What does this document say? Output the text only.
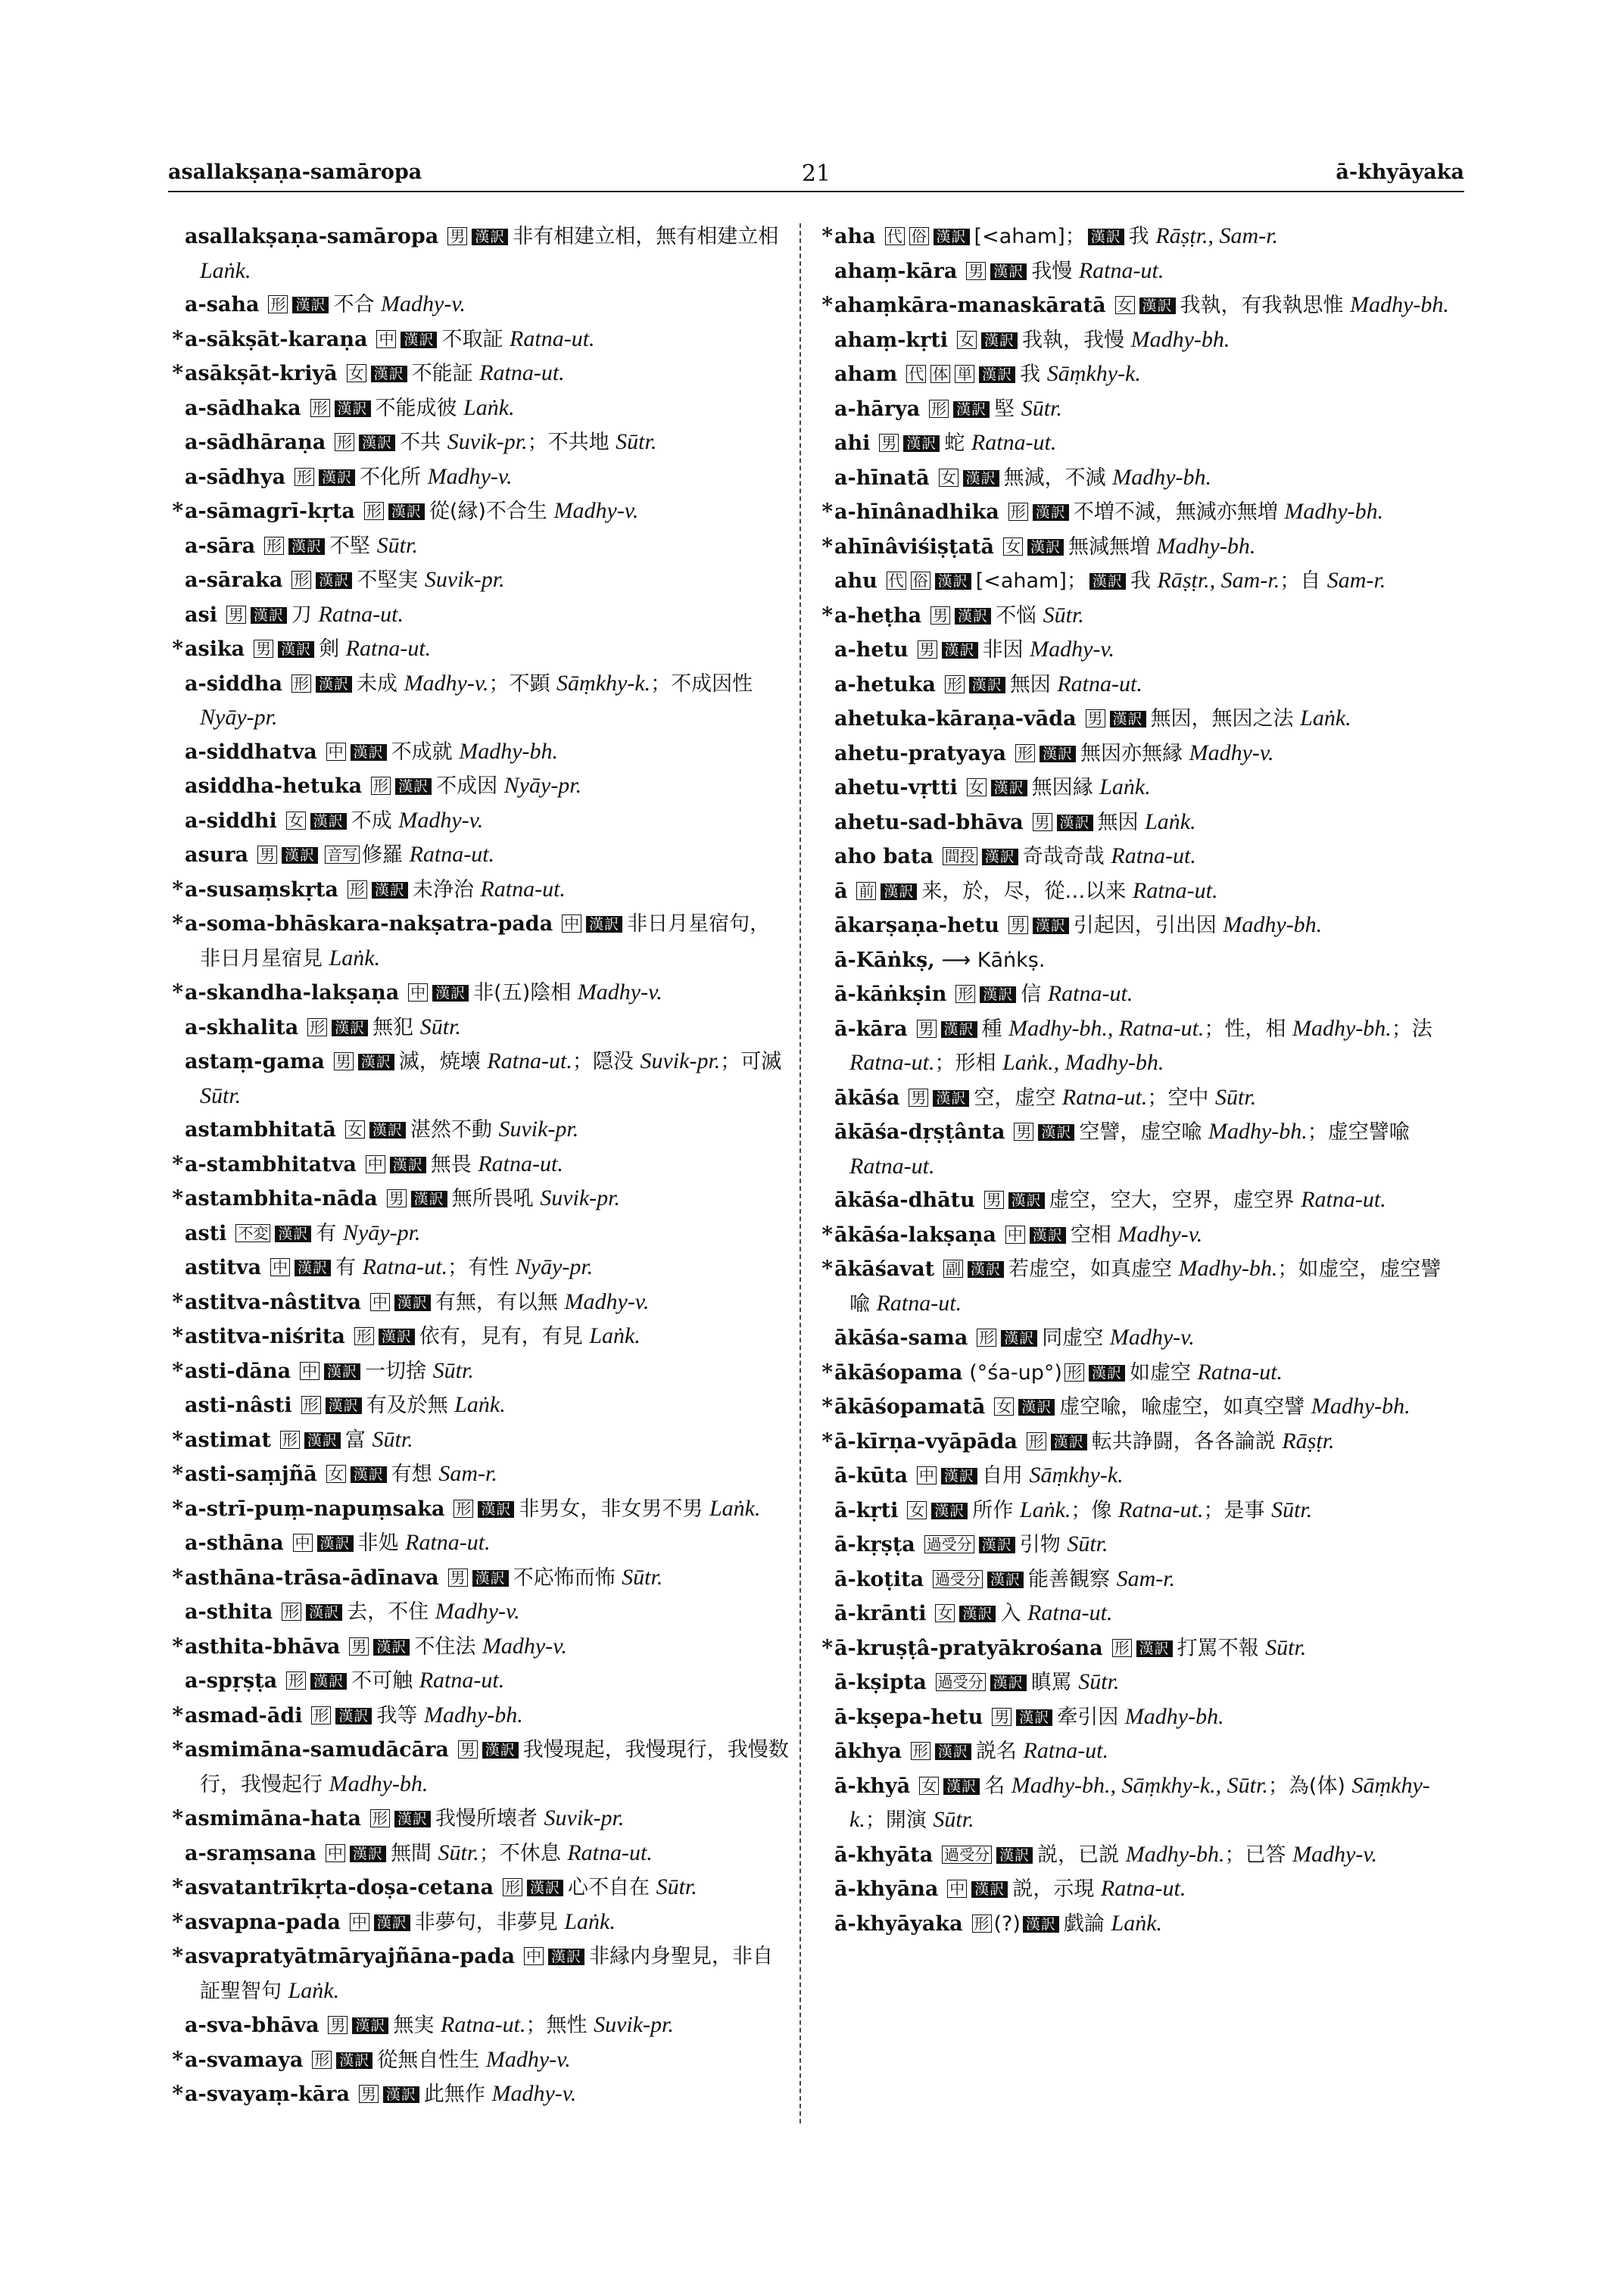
asallakṣaṇa-samāropa	21	ā-khyāyaka

asallakṣaṇa-samāropa 男 漢訳 非有相建立相，無有相建立相 Laṅk.

a-saha 形 漢訳 不合 Madhy-v.

*a-sākṣāt-karaṇa 中 漢訳 不取証 Ratna-ut.

*asākṣāt-kriyā 女 漢訳 不能証 Ratna-ut.

a-sādhaka 形 漢訳 不能成彼 Laṅk.

a-sādhāraṇa 形 漢訳 不共 Suvik-pr.；不共地 Sūtr.

a-sādhya 形 漢訳 不化所 Madhy-v.

*a-sāmagrī-kṛta 形 漢訳 從(縁)不合生 Madhy-v.

a-sāra 形 漢訳 不堅 Sūtr.

a-sāraka 形 漢訳 不堅実 Suvik-pr.

asi 男 漢訳 刀 Ratna-ut.

*asika 男 漢訳 剣 Ratna-ut.

a-siddha 形 漢訳 未成 Madhy-v.；不顕 Sāṃkhy-k.；不成因性 Nyāy-pr.

a-siddhatva 中 漢訳 不成就 Madhy-bh.

asiddha-hetuka 形 漢訳 不成因 Nyāy-pr.

a-siddhi 女 漢訳 不成 Madhy-v.

asura 男 漢訳 音写 修羅 Ratna-ut.

*a-susaṃskṛta 形 漢訳 未浄治 Ratna-ut.

*a-soma-bhāskara-nakṣatra-pada 中 漢訳 非日月星宿句，非日月星宿見 Laṅk.

*a-skandha-lakṣaṇa 中 漢訳 非(五)陰相 Madhy-v.

a-skhalita 形 漢訳 無犯 Sūtr.

astaṃ-gama 男 漢訳 滅，焼壊 Ratna-ut.；隠没 Suvik-pr.；可滅 Sūtr.

astambhitatā 女 漢訳 湛然不動 Suvik-pr.

*a-stambhitatva 中 漢訳 無畏 Ratna-ut.

*astambhita-nāda 男 漢訳 無所畏吼 Suvik-pr.

asti 不変 漢訳 有 Nyāy-pr.

astitva 中 漢訳 有 Ratna-ut.；有性 Nyāy-pr.

*astitva-nâstitva 中 漢訳 有無，有以無 Madhy-v.

*astitva-niśrita 形 漢訳 依有，見有，有見 Laṅk.

*asti-dāna 中 漢訳 一切捨 Sūtr.

asti-nâsti 形 漢訳 有及於無 Laṅk.

*astimat 形 漢訳 富 Sūtr.

*asti-saṃjñā 女 漢訳 有想 Sam-r.

*a-strī-puṃ-napuṃsaka 形 漢訳 非男女，非女男不男 Laṅk.

a-sthāna 中 漢訳 非処 Ratna-ut.

*asthāna-trāsa-ādīnava 男 漢訳 不応怖而怖 Sūtr.

a-sthita 形 漢訳 去，不住 Madhy-v.

*asthita-bhāva 男 漢訳 不住法 Madhy-v.

a-spṛṣṭa 形 漢訳 不可触 Ratna-ut.

*asmad-ādi 形 漢訳 我等 Madhy-bh.

*asmimāna-samudācāra 男 漢訳 我慢現起，我慢現行，我慢数行，我慢起行 Madhy-bh.

*asmimāna-hata 形 漢訳 我慢所壊者 Suvik-pr.

a-sraṃsana 中 漢訳 無間 Sūtr.；不休息 Ratna-ut.

*asvatantrīkṛta-doṣa-cetana 形 漢訳 心不自在 Sūtr.

*asvapna-pada 中 漢訳 非夢句，非夢見 Laṅk.

*asvapratyātmāryajñāna-pada 中 漢訳 非縁内身聖見，非自証聖智句 Laṅk.

a-sva-bhāva 男 漢訳 無実 Ratna-ut.；無性 Suvik-pr.

*a-svamaya 形 漢訳 從無自性生 Madhy-v.

*a-svayaṃ-kāra 男 漢訳 此無作 Madhy-v.

*aha 代 俗 漢訳 [<aham]； 漢訳 我 Rāṣṭr., Sam-r.

ahaṃ-kāra 男 漢訳 我慢 Ratna-ut.

*ahaṃkāra-manaskāratā 女 漢訳 我執，有我執思惟 Madhy-bh.

ahaṃ-kṛti 女 漢訳 我執，我慢 Madhy-bh.

aham 代 体 単 漢訳 我 Sāṃkhy-k.

a-hārya 形 漢訳 堅 Sūtr.

ahi 男 漢訳 蛇 Ratna-ut.

a-hīnatā 女 漢訳 無減，不減 Madhy-bh.

*a-hīnânadhika 形 漢訳 不増不減，無減亦無増 Madhy-bh.

*ahīnâviśiṣṭatā 女 漢訳 無減無増 Madhy-bh.

ahu 代 俗 漢訳 [<aham]； 漢訳 我 Rāṣṭr., Sam-r.；自 Sam-r.

*a-heṭha 男 漢訳 不悩 Sūtr.

a-hetu 男 漢訳 非因 Madhy-v.

a-hetuka 形 漢訳 無因 Ratna-ut.

ahetuka-kāraṇa-vāda 男 漢訳 無因，無因之法 Laṅk.

ahetu-pratyaya 形 漢訳 無因亦無縁 Madhy-v.

ahetu-vṛtti 女 漢訳 無因縁 Laṅk.

ahetu-sad-bhāva 男 漢訳 無因 Laṅk.

aho bata 間投 漢訳 奇哉奇哉 Ratna-ut.

ā 前 漢訳 来，於，尽，從…以来 Ratna-ut.

ākarṣaṇa-hetu 男 漢訳 引起因，引出因 Madhy-bh.

ā-Kāṅkṣ, ⟶ Kāṅkṣ.

ā-kāṅkṣin 形 漢訳 信 Ratna-ut.

ā-kāra 男 漢訳 種 Madhy-bh., Ratna-ut.；性，相 Madhy-bh.；法 Ratna-ut.；形相 Laṅk., Madhy-bh.

ākāśa 男 漢訳 空，虚空 Ratna-ut.；空中 Sūtr.

ākāśa-dṛṣṭânta 男 漢訳 空譬，虚空喩 Madhy-bh.；虚空譬喩 Ratna-ut.

ākāśa-dhātu 男 漢訳 虚空，空大，空界，虚空界 Ratna-ut.

*ākāśa-lakṣaṇa 中 漢訳 空相 Madhy-v.

*ākāśavat 副 漢訳 若虚空，如真虚空 Madhy-bh.；如虚空，虚空譬喩 Ratna-ut.

ākāśa-sama 形 漢訳 同虚空 Madhy-v.

*ākāśopama (°śa-up°) 形 漢訳 如虚空 Ratna-ut.

*ākāśopamatā 女 漢訳 虚空喩，喩虚空，如真空譬 Madhy-bh.

*ā-kīrṇa-vyāpāda 形 漢訳 転共諍闘，各各論説 Rāṣṭr.

ā-kūta 中 漢訳 自用 Sāṃkhy-k.

ā-kṛti 女 漢訳 所作 Laṅk.；像 Ratna-ut.；是事 Sūtr.

ā-kṛṣṭa 過受分 漢訳 引物 Sūtr.

ā-koṭita 過受分 漢訳 能善観察 Sam-r.

ā-krānti 女 漢訳 入 Ratna-ut.

*ā-kruṣṭâ-pratyākrośana 形 漢訳 打罵不報 Sūtr.

ā-kṣipta 過受分 漢訳 瞋罵 Sūtr.

ā-kṣepa-hetu 男 漢訳 牽引因 Madhy-bh.

ākhya 形 漢訳 説名 Ratna-ut.

ā-khyā 女 漢訳 名 Madhy-bh., Sāṃkhy-k., Sūtr.；為(体) Sāṃkhy-k.；開演 Sūtr.

ā-khyāta 過受分 漢訳 説，已説 Madhy-bh.；已答 Madhy-v.

ā-khyāna 中 漢訳 説，示現 Ratna-ut.

ā-khyāyaka 形 (?) 漢訳 戯論 Laṅk.
